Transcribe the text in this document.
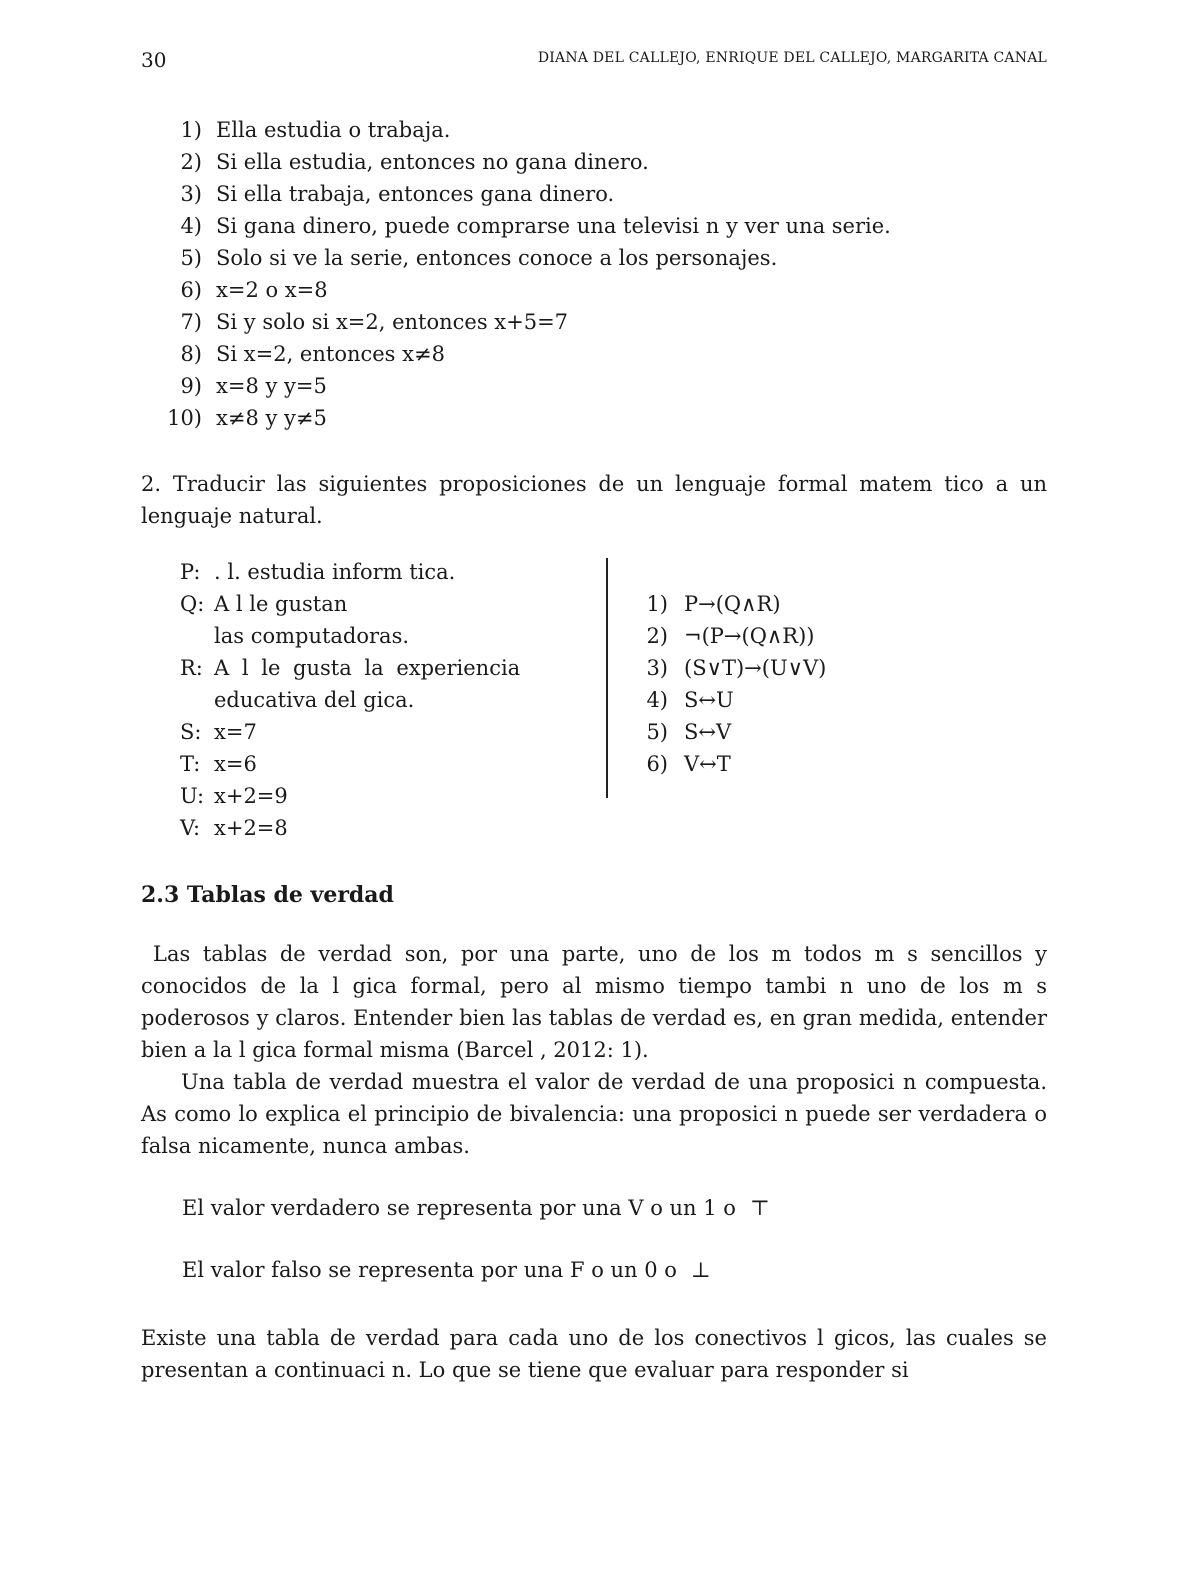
30	DIANA DEL CALLEJO, ENRIQUE DEL CALLEJO, MARGARITA CANAL
1) Ella estudia o trabaja.
2) Si ella estudia, entonces no gana dinero.
3) Si ella trabaja, entonces gana dinero.
4) Si gana dinero, puede comprarse una televisi n y ver una serie.
5) Solo si ve la serie, entonces conoce a los personajes.
6) x=2 o x=8
7) Si y solo si x=2, entonces x+5=7
8) Si x=2, entonces x≠8
9) x=8 y y=5
10) x≠8 y y≠5

2. Traducir las siguientes proposiciones de un lenguaje formal matem tico a un lenguaje natural.

P: . l. estudia inform tica.
Q: A l le gustan
las computadoras.
R: A l le gusta la experiencia
educativa del gica.
S: x=7
T: x=6
U: x+2=9
V: x+2=8
1) P→(Q∧R)
2) ¬(P→(Q∧R))
3) (S∨T)→(U∨V)
4) S↔U
5) S↔V
6) V↔T
2.3 Tablas de verdad

Las tablas de verdad son, por una parte, uno de los m todos m s sencillos y conocidos de la l gica formal, pero al mismo tiempo tambi n uno de los m s poderosos y claros. Entender bien las tablas de verdad es, en gran medida, entender bien a la l gica formal misma (Barcel , 2012: 1).

Una tabla de verdad muestra el valor de verdad de una proposici n compuesta. As como lo explica el principio de bivalencia: una proposici n puede ser verdadera o falsa nicamente, nunca ambas.

El valor verdadero se representa por una V o un 1 o ⊤
El valor falso se representa por una F o un 0 o ⊥

Existe una tabla de verdad para cada uno de los conectivos l gicos, las cuales se presentan a continuaci n. Lo que se tiene que evaluar para responder si
